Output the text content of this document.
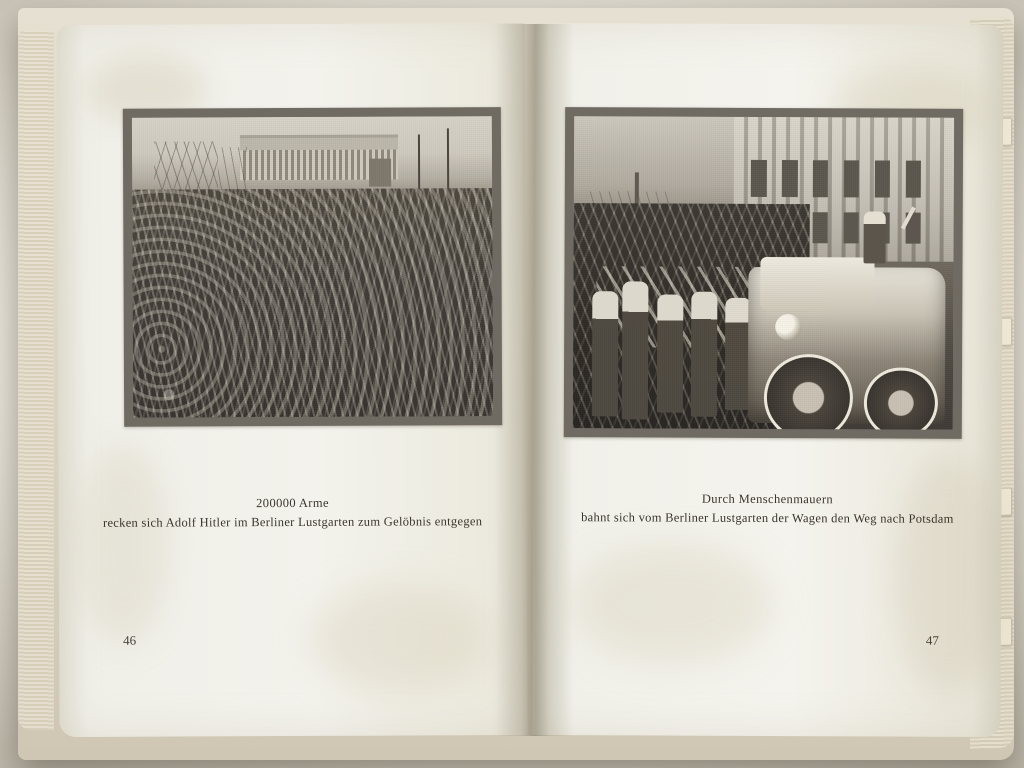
200000 Arme
recken sich Adolf Hitler im Berliner Lustgarten zum Gelöbnis entgegen
46
Durch Menschenmauern
bahnt sich vom Berliner Lustgarten der Wagen den Weg nach Potsdam
47
